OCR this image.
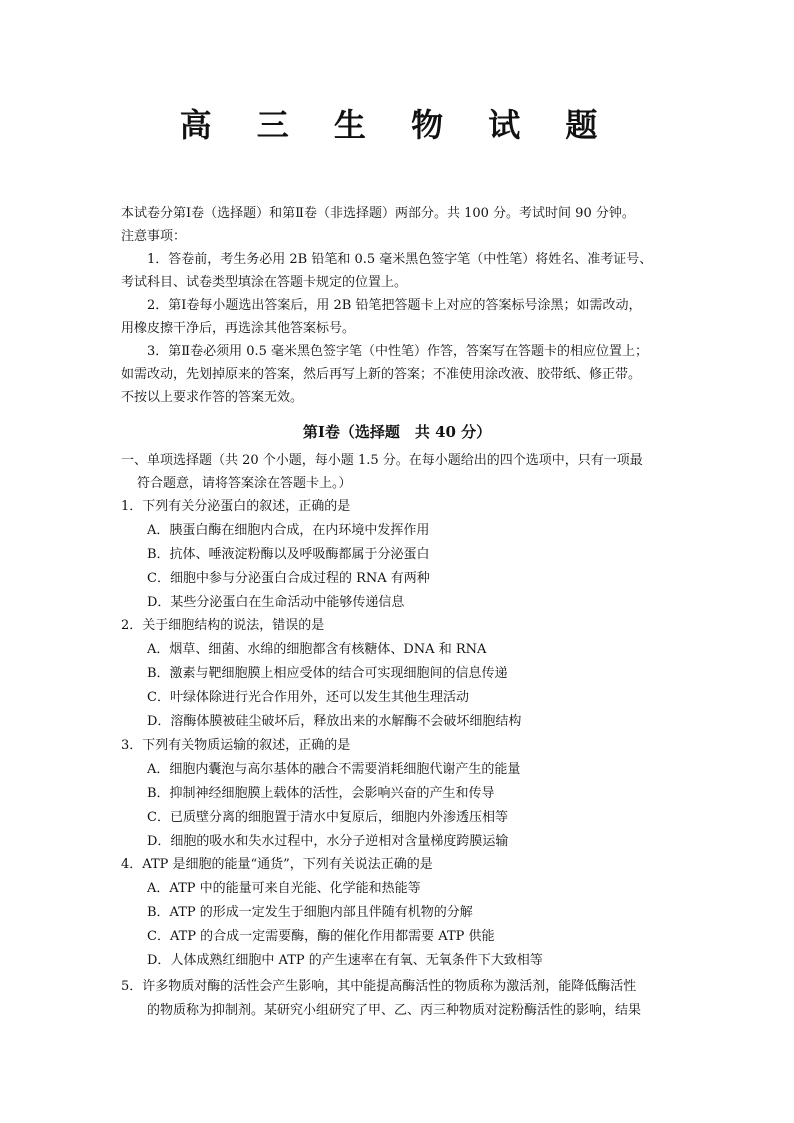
高 三 生 物 试 题
本试卷分第Ⅰ卷（选择题）和第Ⅱ卷（非选择题）两部分。共 100 分。考试时间 90 分钟。
注意事项：
1．答卷前，考生务必用 2B 铅笔和 0.5 毫米黑色签字笔（中性笔）将姓名、准考证号、
考试科目、试卷类型填涂在答题卡规定的位置上。
2．第Ⅰ卷每小题选出答案后，用 2B 铅笔把答题卡上对应的答案标号涂黑；如需改动，
用橡皮擦干净后，再选涂其他答案标号。
3．第Ⅱ卷必须用 0.5 毫米黑色签字笔（中性笔）作答，答案写在答题卡的相应位置上；
如需改动，先划掉原来的答案，然后再写上新的答案；不准使用涂改液、胶带纸、修正带。
不按以上要求作答的答案无效。
第Ⅰ卷（选择题　共 40 分）
一、单项选择题（共 20 个小题，每小题 1.5 分。在每小题给出的四个选项中，只有一项最
符合题意，请将答案涂在答题卡上。）
1．下列有关分泌蛋白的叙述，正确的是
A．胰蛋白酶在细胞内合成，在内环境中发挥作用
B．抗体、唾液淀粉酶以及呼吸酶都属于分泌蛋白
C．细胞中参与分泌蛋白合成过程的 RNA 有两种
D．某些分泌蛋白在生命活动中能够传递信息
2．关于细胞结构的说法，错误的是
A．烟草、细菌、水绵的细胞都含有核糖体、DNA 和 RNA
B．激素与靶细胞膜上相应受体的结合可实现细胞间的信息传递
C．叶绿体除进行光合作用外，还可以发生其他生理活动
D．溶酶体膜被硅尘破坏后，释放出来的水解酶不会破坏细胞结构
3．下列有关物质运输的叙述，正确的是
A．细胞内囊泡与高尔基体的融合不需要消耗细胞代谢产生的能量
B．抑制神经细胞膜上载体的活性，会影响兴奋的产生和传导
C．已质壁分离的细胞置于清水中复原后，细胞内外渗透压相等
D．细胞的吸水和失水过程中，水分子逆相对含量梯度跨膜运输
4．ATP 是细胞的能量“通货”，下列有关说法正确的是
A．ATP 中的能量可来自光能、化学能和热能等
B．ATP 的形成一定发生于细胞内部且伴随有机物的分解
C．ATP 的合成一定需要酶，酶的催化作用都需要 ATP 供能
D．人体成熟红细胞中 ATP 的产生速率在有氧、无氧条件下大致相等
5．许多物质对酶的活性会产生影响，其中能提高酶活性的物质称为激活剂，能降低酶活性
的物质称为抑制剂。某研究小组研究了甲、乙、丙三种物质对淀粉酶活性的影响，结果
